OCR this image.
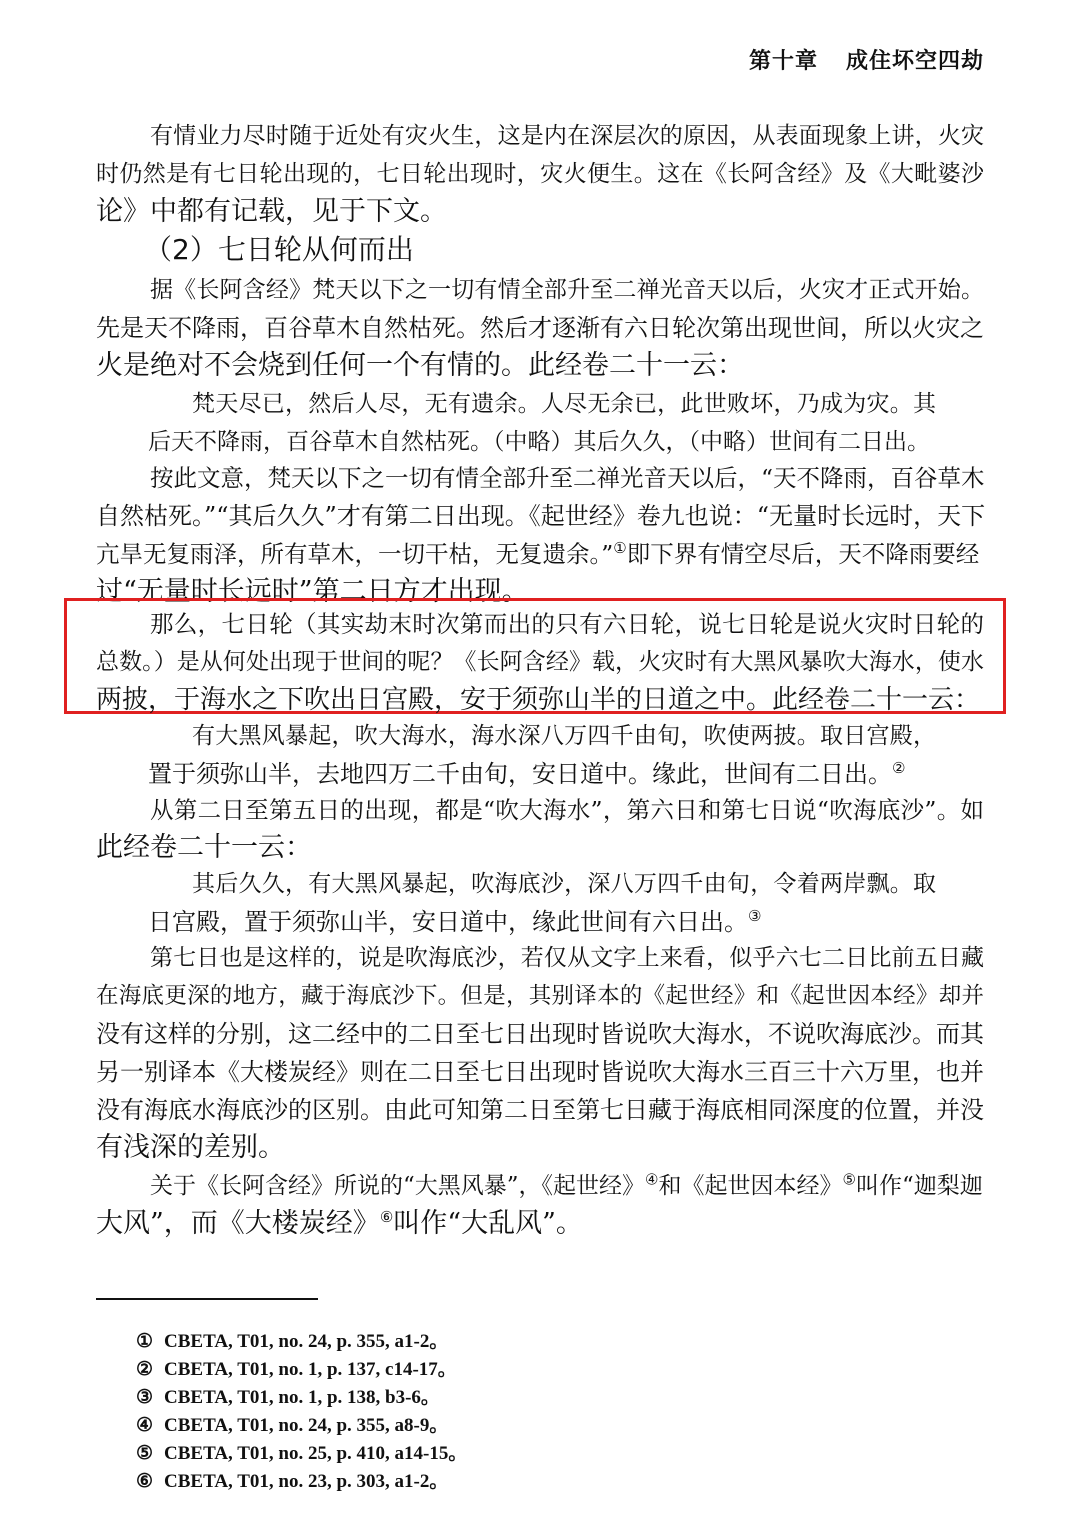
第十章 成住坏空四劫
有情业力尽时随于近处有灾火生，这是内在深层次的原因，从表面现象上讲，火灾
时仍然是有七日轮出现的，七日轮出现时，灾火便生。这在《长阿含经》及《大毗婆沙
论》中都有记载，见于下文。
（2）七日轮从何而出
据《长阿含经》梵天以下之一切有情全部升至二禅光音天以后，火灾才正式开始。
先是天不降雨，百谷草木自然枯死。然后才逐渐有六日轮次第出现世间，所以火灾之
火是绝对不会烧到任何一个有情的。此经卷二十一云：
梵天尽已，然后人尽，无有遗余。人尽无余已，此世败坏，乃成为灾。其
后天不降雨，百谷草木自然枯死。（中略）其后久久，（中略）世间有二日出。
按此文意，梵天以下之一切有情全部升至二禅光音天以后，“天不降雨，百谷草木
自然枯死。”“其后久久”才有第二日出现。《起世经》卷九也说：“无量时长远时，天下
亢旱无复雨泽，所有草木，一切干枯，无复遗余。”①即下界有情空尽后，天不降雨要经
过“无量时长远时”第二日方才出现。
那么，七日轮（其实劫末时次第而出的只有六日轮，说七日轮是说火灾时日轮的
总数。）是从何处出现于世间的呢？《长阿含经》载，火灾时有大黑风暴吹大海水，使水
两披，于海水之下吹出日宫殿，安于须弥山半的日道之中。此经卷二十一云：
有大黑风暴起，吹大海水，海水深八万四千由旬，吹使两披。取日宫殿，
置于须弥山半，去地四万二千由旬，安日道中。缘此，世间有二日出。②
从第二日至第五日的出现，都是“吹大海水”，第六日和第七日说“吹海底沙”。如
此经卷二十一云：
其后久久，有大黑风暴起，吹海底沙，深八万四千由旬，令着两岸飘。取
日宫殿，置于须弥山半，安日道中，缘此世间有六日出。③
第七日也是这样的，说是吹海底沙，若仅从文字上来看，似乎六七二日比前五日藏
在海底更深的地方，藏于海底沙下。但是，其别译本的《起世经》和《起世因本经》却并
没有这样的分别，这二经中的二日至七日出现时皆说吹大海水，不说吹海底沙。而其
另一别译本《大楼炭经》则在二日至七日出现时皆说吹大海水三百三十六万里，也并
没有海底水海底沙的区别。由此可知第二日至第七日藏于海底相同深度的位置，并没
有浅深的差别。
关于《长阿含经》所说的“大黑风暴”，《起世经》④和《起世因本经》⑤叫作“迦梨迦
大风”，而《大楼炭经》⑥叫作“大乱风”。
① CBETA, T01, no. 24, p. 355, a1-2。
② CBETA, T01, no. 1, p. 137, c14-17。
③ CBETA, T01, no. 1, p. 138, b3-6。
④ CBETA, T01, no. 24, p. 355, a8-9。
⑤ CBETA, T01, no. 25, p. 410, a14-15。
⑥ CBETA, T01, no. 23, p. 303, a1-2。
